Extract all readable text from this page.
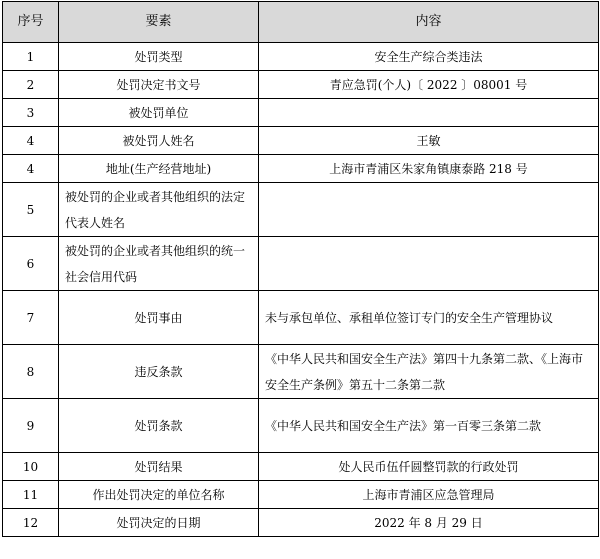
序号	要素	内容
1	处罚类型	安全生产综合类违法
2	处罚决定书文号	青应急罚(个人)〔 2022 〕08001 号
3	被处罚单位	
4	被处罚人姓名	王敏
4	地址(生产经营地址)	上海市青浦区朱家角镇康泰路 218 号
5	被处罚的企业或者其他组织的法定代表人姓名	
6	被处罚的企业或者其他组织的统一社会信用代码	
7	处罚事由	未与承包单位、承租单位签订专门的安全生产管理协议
8	违反条款	《中华人民共和国安全生产法》第四十九条第二款、《上海市安全生产条例》第五十二条第二款
9	处罚条款	《中华人民共和国安全生产法》第一百零三条第二款
10	处罚结果	处人民币伍仟圆整罚款的行政处罚
11	作出处罚决定的单位名称	上海市青浦区应急管理局
12	处罚决定的日期	2022 年 8 月 29 日
